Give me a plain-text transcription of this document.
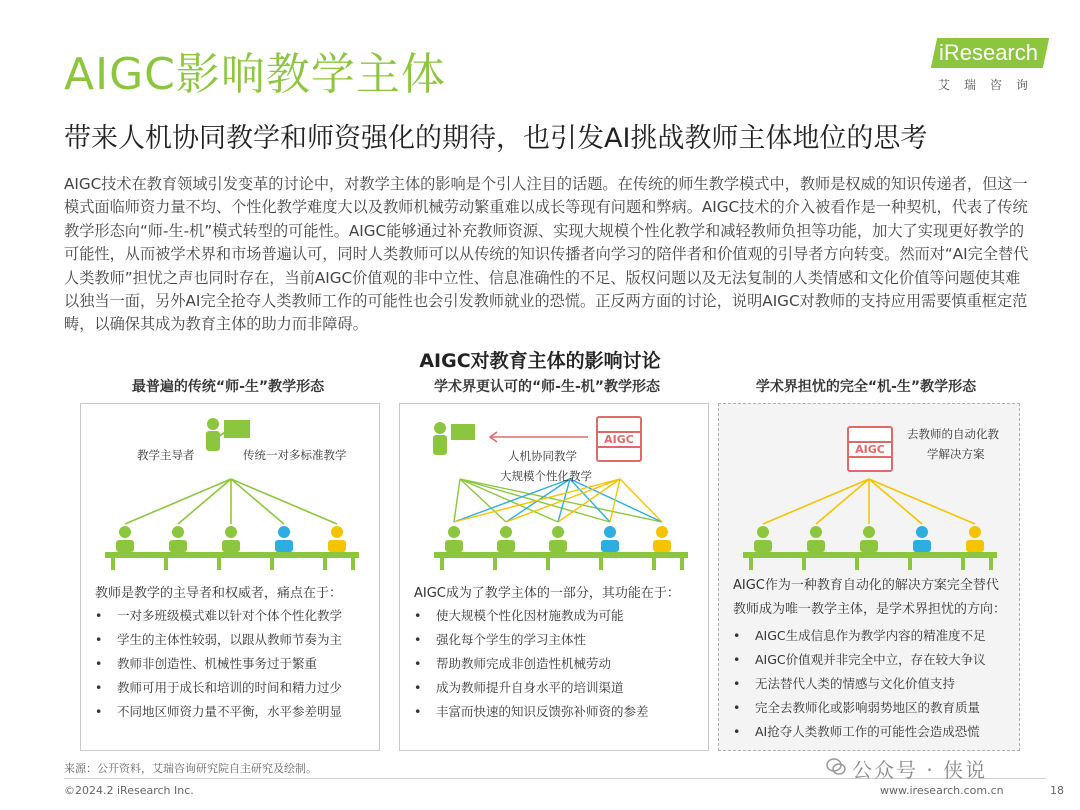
AIGC影响教学主体	iResearch
艾瑞咨询
带来人机协同教学和师资强化的期待，也引发AI挑战教师主体地位的思考
AIGC技术在教育领域引发变革的讨论中，对教学主体的影响是个引人注目的话题。在传统的师生教学模式中，教师是权威的知识传递者，但这一模式面临师资力量不均、个性化教学难度大以及教师机械劳动繁重难以成长等现有问题和弊病。AIGC技术的介入被看作是一种契机，代表了传统教学形态向“师-生-机”模式转型的可能性。AIGC能够通过补充教师资源、实现大规模个性化教学和减轻教师负担等功能，加大了实现更好教学的可能性，从而被学术界和市场普遍认可，同时人类教师可以从传统的知识传播者向学习的陪伴者和价值观的引导者方向转变。然而对“AI完全替代人类教师”担忧之声也同时存在，当前AIGC价值观的非中立性、信息准确性的不足、版权问题以及无法复制的人类情感和文化价值等问题使其难以独当一面，另外AI完全抢夺人类教师工作的可能性也会引发教师就业的恐慌。正反两方面的讨论，说明AIGC对教师的支持应用需要慎重框定范畴，以确保其成为教育主体的助力而非障碍。
AIGC对教育主体的影响讨论
最普遍的传统“师-生”教学形态	学术界更认可的“师-生-机”教学形态	学术界担忧的完全“机-生”教学形态
教学主导者	传统一对多标准教学
教师是教学的主导者和权威者，痛点在于：
• 一对多班级模式难以针对个体个性化教学
• 学生的主体性较弱，以跟从教师节奏为主
• 教师非创造性、机械性事务过于繁重
• 教师可用于成长和培训的时间和精力过少
• 不同地区师资力量不平衡，水平参差明显
AIGC
人机协同教学
大规模个性化教学
AIGC成为了教学主体的一部分，其功能在于：
• 使大规模个性化因材施教成为可能
• 强化每个学生的学习主体性
• 帮助教师完成非创造性机械劳动
• 成为教师提升自身水平的培训渠道
• 丰富而快速的知识反馈弥补师资的参差
AIGC
去教师的自动化教
学解决方案
AIGC作为一种教育自动化的解决方案完全替代
教师成为唯一教学主体，是学术界担忧的方向：
• AIGC生成信息作为教学内容的精准度不足
• AIGC价值观并非完全中立，存在较大争议
• 无法替代人类的情感与文化价值支持
• 完全去教师化或影响弱势地区的教育质量
• AI抢夺人类教师工作的可能性会造成恐慌
来源：公开资料，艾瑞咨询研究院自主研究及绘制。
©2024.2 iResearch Inc.	www.iresearch.com.cn	18
公众号 · 侠说
